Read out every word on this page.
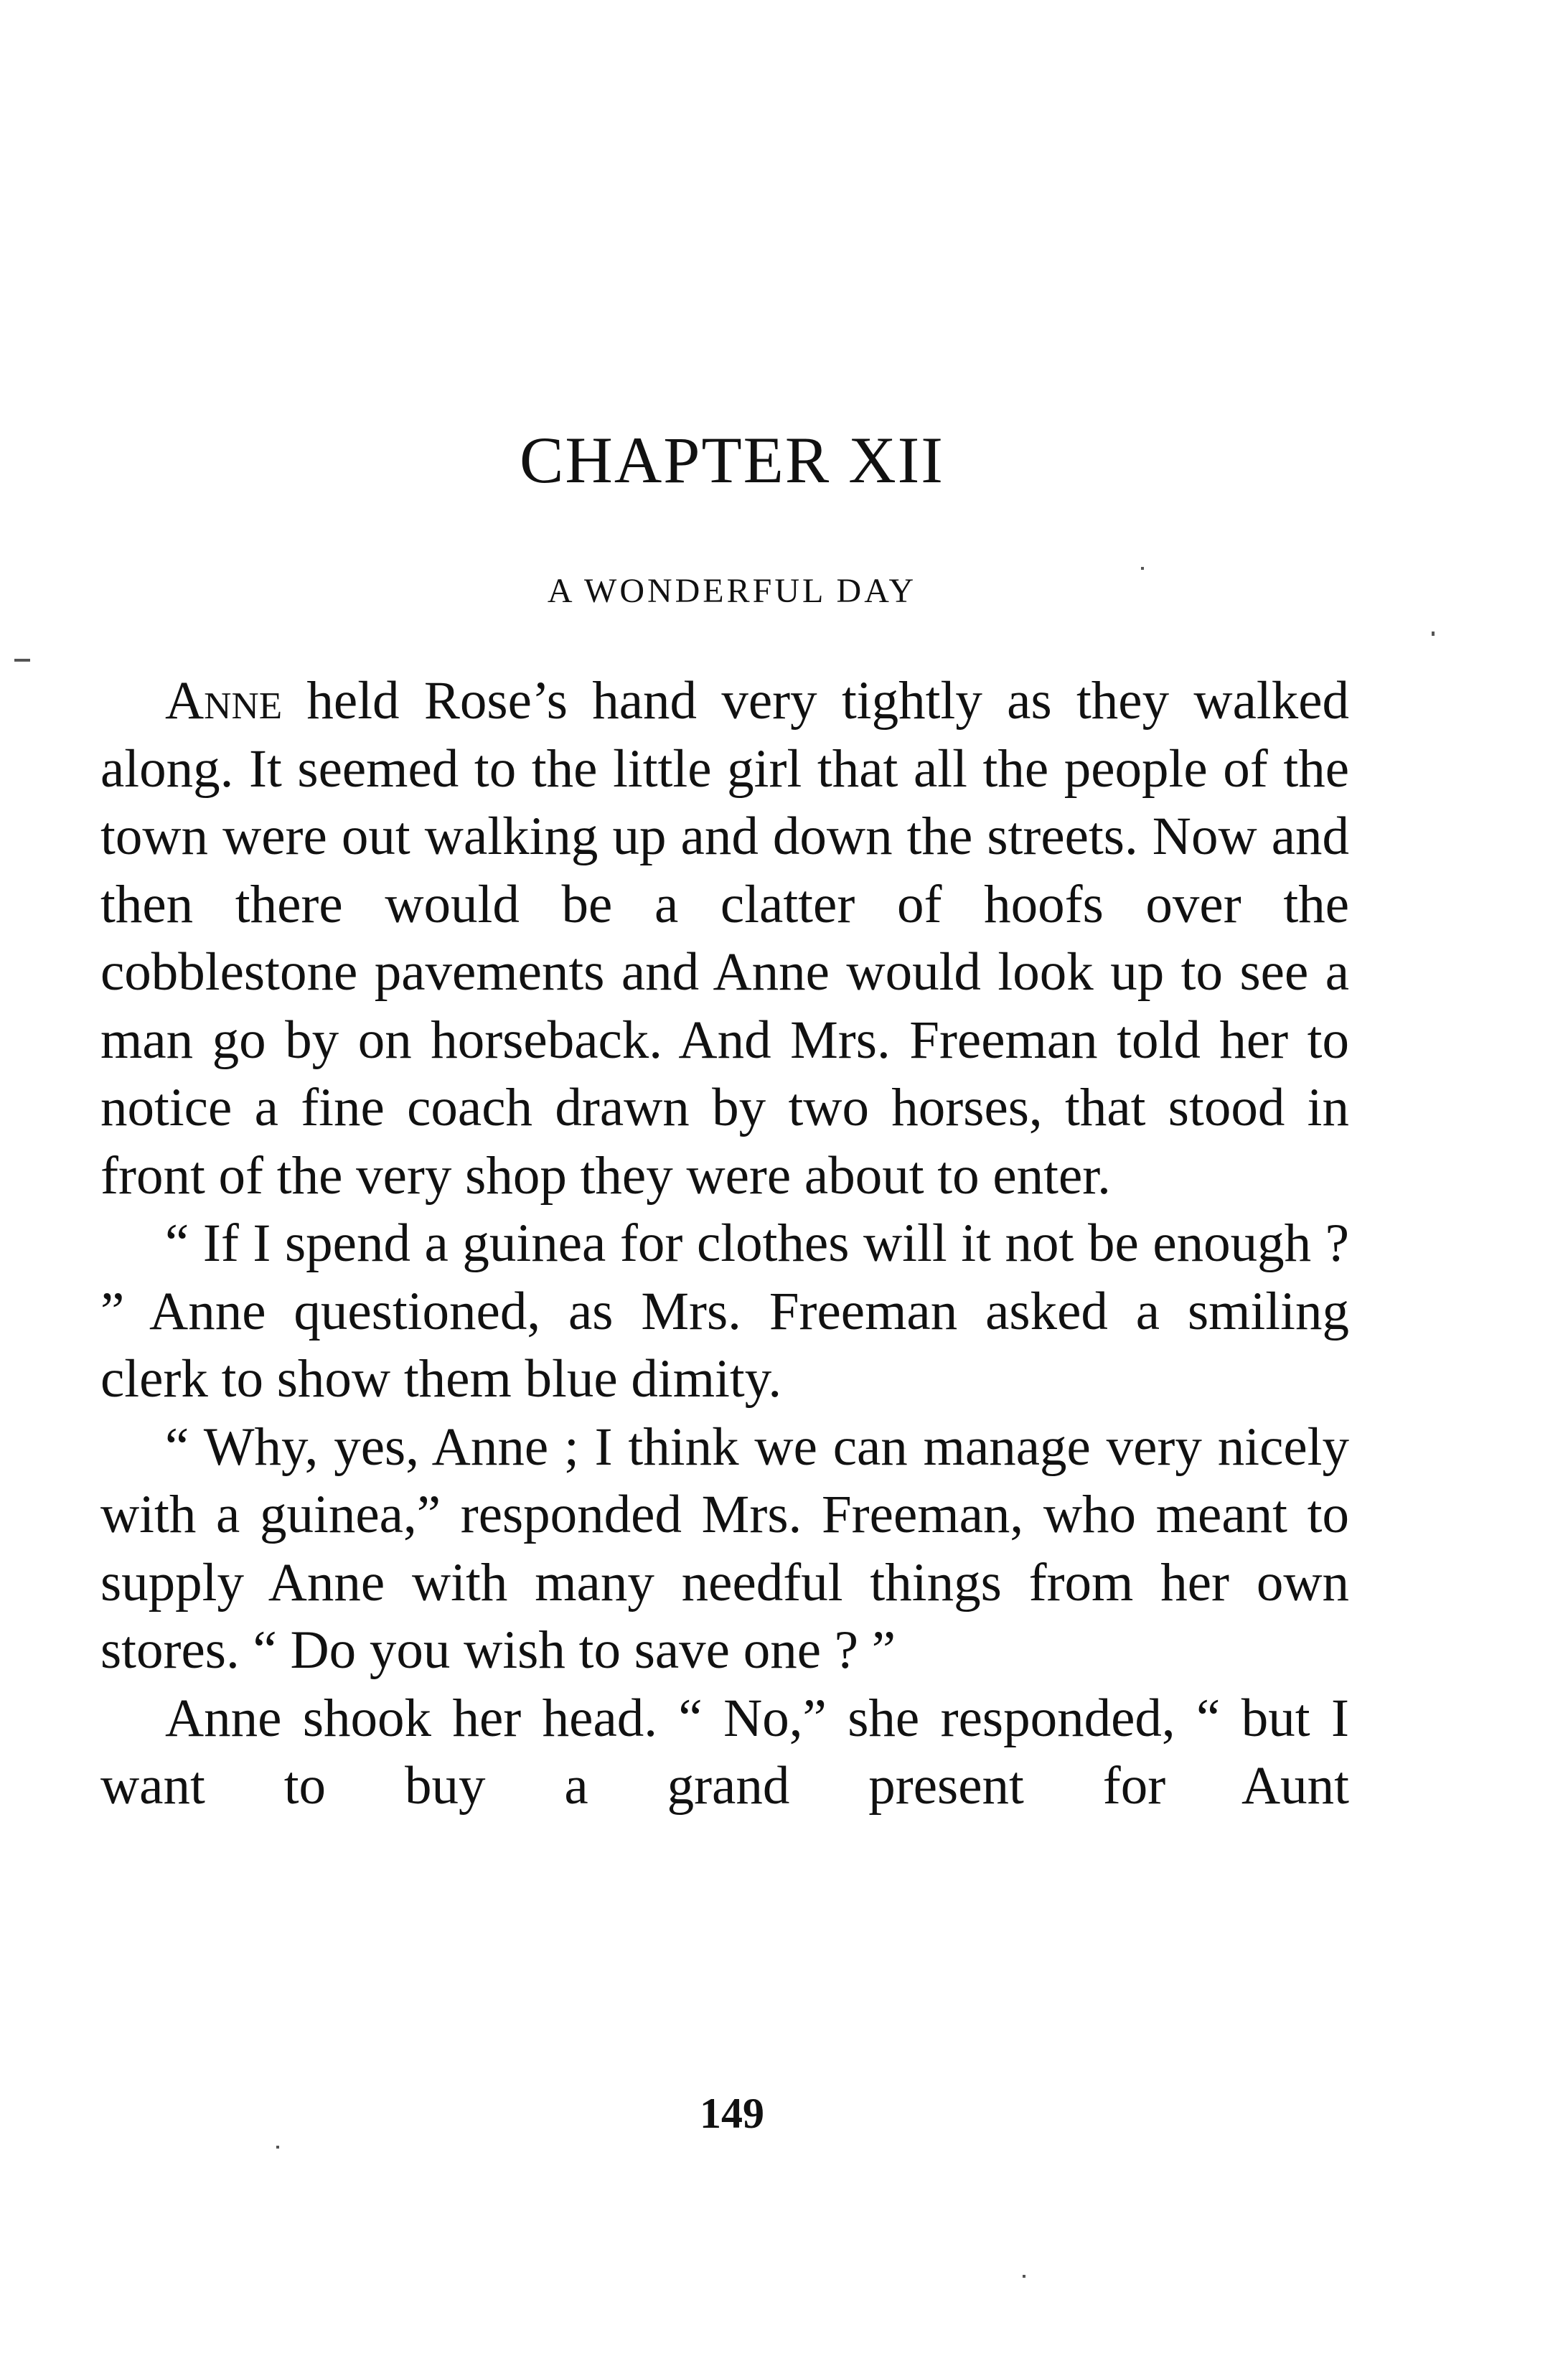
CHAPTER XII
A WONDERFUL DAY

Anne held Rose’s hand very tightly as they walked along. It seemed to the little girl that all the people of the town were out walking up and down the streets. Now and then there would be a clatter of hoofs over the cobblestone pavements and Anne would look up to see a man go by on horseback. And Mrs. Freeman told her to notice a fine coach drawn by two horses, that stood in front of the very shop they were about to enter.

“ If I spend a guinea for clothes will it not be enough ? ” Anne questioned, as Mrs. Freeman asked a smiling clerk to show them blue dimity.

“ Why, yes, Anne ; I think we can manage very nicely with a guinea,” responded Mrs. Freeman, who meant to supply Anne with many needful things from her own stores. “ Do you wish to save one ? ”

Anne shook her head. “ No,” she responded, “ but I want to buy a grand present for Aunt

149
